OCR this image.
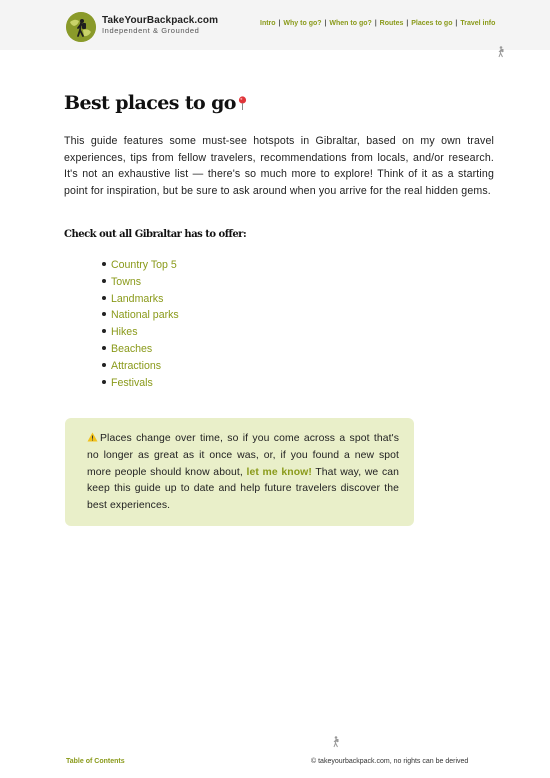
TakeYourBackpack.com
Independent & Grounded
Intro | Why to go? | When to go? | Routes | Places to go | Travel info
Best places to go

This guide features some must-see hotspots in Gibraltar, based on my own travel experiences, tips from fellow travelers, recommendations from locals, and/or research. It's not an exhaustive list — there's so much more to explore! Think of it as a starting point for inspiration, but be sure to ask around when you arrive for the real hidden gems.

Check out all Gibraltar has to offer:
Country Top 5
Towns
Landmarks
National parks
Hikes
Beaches
Attractions
Festivals

Places change over time, so if you come across a spot that's no longer as great as it once was, or, if you found a new spot more people should know about, let me know! That way, we can keep this guide up to date and help future travelers discover the best experiences.

Table of Contents	© takeyourbackpack.com, no rights can be derived
